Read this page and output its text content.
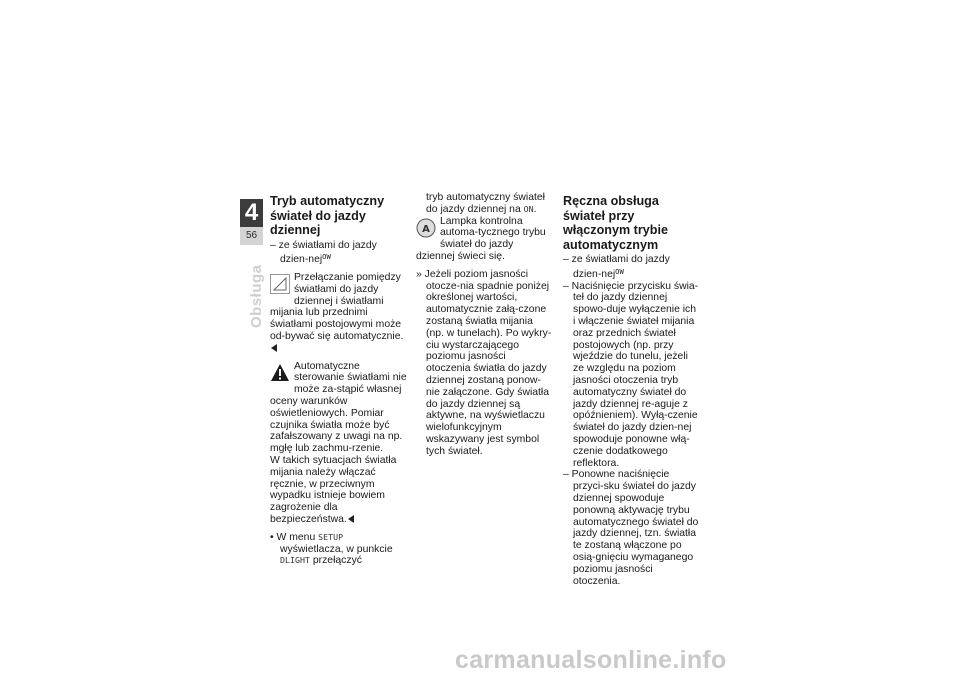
4
56
Obsługa
Tryb automatyczny świateł do jazdy dziennej

– ze światłami do jazdy dzien-nej$^{OW}$

Przełączanie pomiędzy światłami do jazdy dziennej i światłami mijania lub przednimi światłami postojowymi może od-bywać się automatycznie.
Automatyczne sterowanie światłami nie może za-stąpić własnej oceny warunków oświetleniowych. Pomiar czujnika światła może być zafałszowany z uwagi na np. mgłę lub zachmu-rzenie.
W takich sytuacjach światła mijania należy włączać ręcznie, w przeciwnym wypadku istnieje bowiem zagrożenie dla bezpieczeństwa.

• W menu SETUP wyświetlacza, w punkcie DLIGHT przełączyć

tryb automatyczny świateł do jazdy dziennej na ON.

A
Lampka kontrolna automa-tycznego trybu świateł do jazdy dziennej świeci się.

» Jeżeli poziom jasności otocze-nia spadnie poniżej określonej wartości, automatycznie załą-czone zostaną światła mijania (np. w tunelach). Po wykry-ciu wystarczającego poziomu jasności otoczenia światła do jazdy dziennej zostaną ponow-nie załączone. Gdy światła do jazdy dziennej są aktywne, na wyświetlaczu wielofunkcyjnym wskazywany jest symbol tych świateł.

Ręczna obsługa świateł przy włączonym trybie automatycznym

– ze światłami do jazdy dzien-nej$^{OW}$

– Naciśnięcie przycisku świa-teł do jazdy dziennej spowo-duje wyłączenie ich i włączenie świateł mijania oraz przednich świateł postojowych (np. przy wjeździe do tunelu, jeżeli ze względu na poziom jasności otoczenia tryb automatyczny świateł do jazdy dziennej re-aguje z opóźnieniem). Wyłą-czenie świateł do jazdy dzien-nej spowoduje ponowne włą-czenie dodatkowego reflektora.

– Ponowne naciśnięcie przyci-sku świateł do jazdy dziennej spowoduje ponowną aktywację trybu automatycznego świateł do jazdy dziennej, tzn. światła te zostaną włączone po osią-gnięciu wymaganego poziomu jasności otoczenia.

carmanualsonline.info
